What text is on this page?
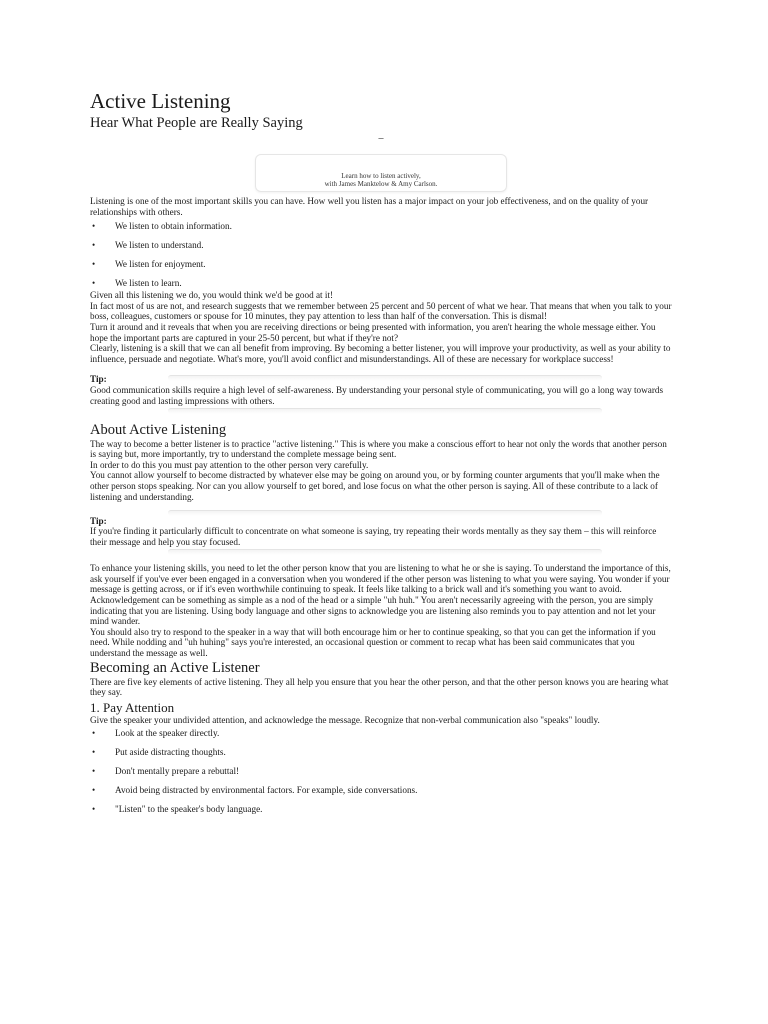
Active Listening
Hear What People are Really Saying
–
Learn how to listen actively,
with James Manktelow & Amy Carlson.

Listening is one of the most important skills you can have. How well you listen has a major impact on your job effectiveness, and on the quality of your relationships with others.

• We listen to obtain information.
• We listen to understand.
• We listen for enjoyment.
• We listen to learn.

Given all this listening we do, you would think we'd be good at it!

In fact most of us are not, and research suggests that we remember between 25 percent and 50 percent of what we hear. That means that when you talk to your boss, colleagues, customers or spouse for 10 minutes, they pay attention to less than half of the conversation. This is dismal!

Turn it around and it reveals that when you are receiving directions or being presented with information, you aren't hearing the whole message either. You hope the important parts are captured in your 25-50 percent, but what if they're not?

Clearly, listening is a skill that we can all benefit from improving. By becoming a better listener, you will improve your productivity, as well as your ability to influence, persuade and negotiate. What's more, you'll avoid conflict and misunderstandings. All of these are necessary for workplace success!

Tip:

Good communication skills require a high level of self-awareness. By understanding your personal style of communicating, you will go a long way towards creating good and lasting impressions with others.

About Active Listening

The way to become a better listener is to practice "active listening." This is where you make a conscious effort to hear not only the words that another person is saying but, more importantly, try to understand the complete message being sent.

In order to do this you must pay attention to the other person very carefully.

You cannot allow yourself to become distracted by whatever else may be going on around you, or by forming counter arguments that you'll make when the other person stops speaking. Nor can you allow yourself to get bored, and lose focus on what the other person is saying. All of these contribute to a lack of listening and understanding.

Tip:

If you're finding it particularly difficult to concentrate on what someone is saying, try repeating their words mentally as they say them – this will reinforce their message and help you stay focused.

To enhance your listening skills, you need to let the other person know that you are listening to what he or she is saying. To understand the importance of this, ask yourself if you've ever been engaged in a conversation when you wondered if the other person was listening to what you were saying. You wonder if your message is getting across, or if it's even worthwhile continuing to speak. It feels like talking to a brick wall and it's something you want to avoid.

Acknowledgement can be something as simple as a nod of the head or a simple "uh huh." You aren't necessarily agreeing with the person, you are simply indicating that you are listening. Using body language and other signs to acknowledge you are listening also reminds you to pay attention and not let your mind wander.

You should also try to respond to the speaker in a way that will both encourage him or her to continue speaking, so that you can get the information if you need. While nodding and "uh huhing" says you're interested, an occasional question or comment to recap what has been said communicates that you understand the message as well.

Becoming an Active Listener

There are five key elements of active listening. They all help you ensure that you hear the other person, and that the other person knows you are hearing what they say.

1. Pay Attention

Give the speaker your undivided attention, and acknowledge the message. Recognize that non-verbal communication also "speaks" loudly.

• Look at the speaker directly.
• Put aside distracting thoughts.
• Don't mentally prepare a rebuttal!
• Avoid being distracted by environmental factors. For example, side conversations.
• "Listen" to the speaker's body language.
